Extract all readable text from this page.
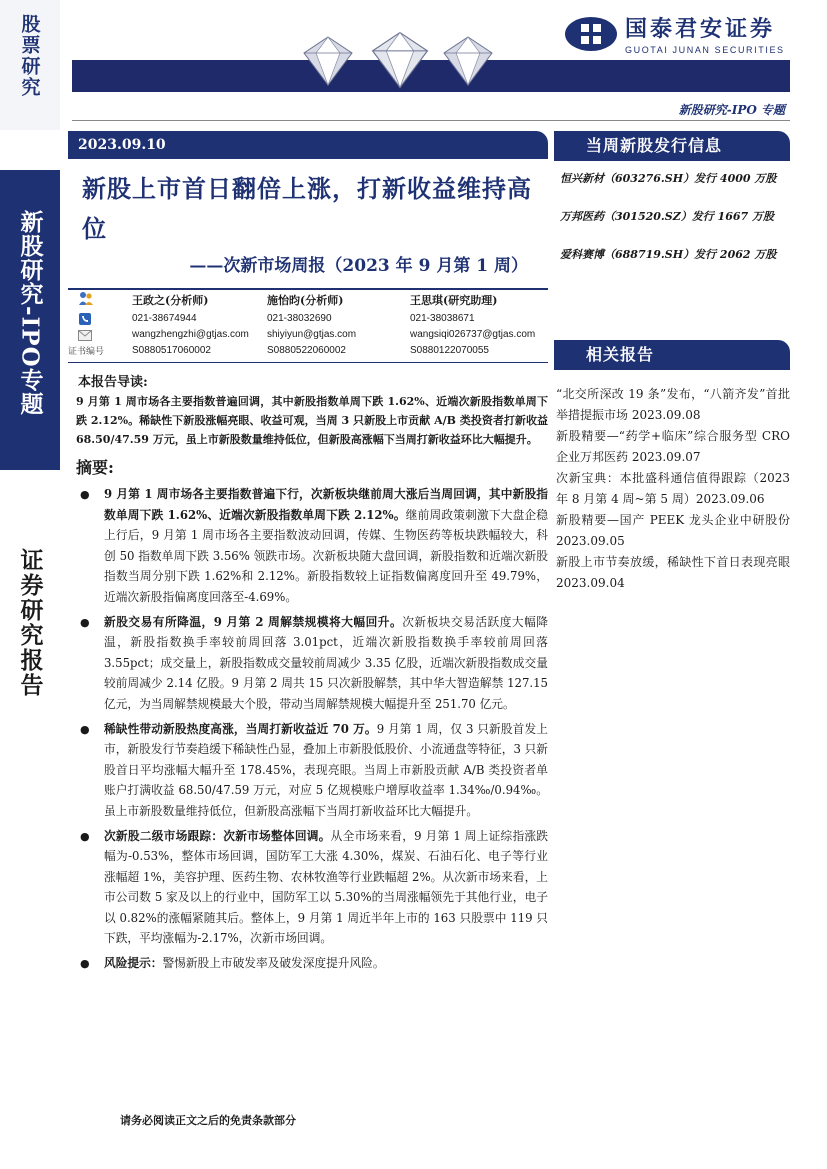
股票研究
新股研究-IPO专题
证券研究报告
国泰君安证券
GUOTAI JUNAN SECURITIES
新股研究-IPO 专题
2023.09.10
新股上市首日翻倍上涨，打新收益维持高
位
——次新市场周报（2023 年 9 月第 1 周）
王政之(分析师)	施怡昀(分析师)	王思琪(研究助理)
021-38674944	021-38032690	021-38038671
wangzhengzhi@gtjas.com	shiyiyun@gtjas.com	wangsiqi026737@gtjas.com
证书编号	S0880517060002	S0880522060002	S0880122070055
本报告导读:
9 月第 1 周市场各主要指数普遍回调，其中新股指数单周下跌 1.62%、近端次新股指数单周下跌 2.12%。稀缺性下新股涨幅亮眼、收益可观，当周 3 只新股上市贡献 A/B 类投资者打新收益 68.50/47.59 万元，虽上市新股数量维持低位，但新股高涨幅下当周打新收益环比大幅提升。
摘要:
● 9 月第 1 周市场各主要指数普遍下行，次新板块继前周大涨后当周回调，其中新股指数单周下跌 1.62%、近端次新股指数单周下跌 2.12%。继前周政策刺激下大盘企稳上行后，9 月第 1 周市场各主要指数波动回调，传媒、生物医药等板块跌幅较大，科创 50 指数单周下跌 3.56% 领跌市场。次新板块随大盘回调，新股指数和近端次新股指数当周分别下跌 1.62%和 2.12%。新股指数较上证指数偏离度回升至 49.79%，近端次新股指偏离度回落至-4.69%。
● 新股交易有所降温，9 月第 2 周解禁规模将大幅回升。次新板块交易活跃度大幅降温，新股指数换手率较前周回落 3.01pct，近端次新股指数换手率较前周回落 3.55pct；成交量上，新股指数成交量较前周减少 3.35 亿股，近端次新股指数成交量较前周减少 2.14 亿股。9 月第 2 周共 15 只次新股解禁，其中华大智造解禁 127.15 亿元，为当周解禁规模最大个股，带动当周解禁规模大幅提升至 251.70 亿元。
● 稀缺性带动新股热度高涨，当周打新收益近 70 万。9 月第 1 周，仅 3 只新股首发上市，新股发行节奏趋缓下稀缺性凸显，叠加上市新股低股价、小流通盘等特征，3 只新股首日平均涨幅大幅升至 178.45%，表现亮眼。当周上市新股贡献 A/B 类投资者单账户打满收益 68.50/47.59 万元，对应 5 亿规模账户增厚收益率 1.34‰/0.94‰。虽上市新股数量维持低位，但新股高涨幅下当周打新收益环比大幅提升。
● 次新股二级市场跟踪：次新市场整体回调。从全市场来看，9 月第 1 周上证综指涨跌幅为-0.53%，整体市场回调，国防军工大涨 4.30%，煤炭、石油石化、电子等行业涨幅超 1%，美容护理、医药生物、农林牧渔等行业跌幅超 2%。从次新市场来看，上市公司数 5 家及以上的行业中，国防军工以 5.30%的当周涨幅领先于其他行业，电子以 0.82%的涨幅紧随其后。整体上，9 月第 1 周近半年上市的 163 只股票中 119 只下跌，平均涨幅为-2.17%，次新市场回调。
● 风险提示：警惕新股上市破发率及破发深度提升风险。
当周新股发行信息
恒兴新材（603276.SH）发行 4000 万股
万邦医药（301520.SZ）发行 1667 万股
爱科赛博（688719.SH）发行 2062 万股
相关报告
“北交所深改 19 条”发布，“八箭齐发”首批举措提振市场 2023.09.08
新股精要—“药学+临床”综合服务型 CRO 企业万邦医药 2023.09.07
次新宝典：本批盛科通信值得跟踪（2023 年 8 月第 4 周~第 5 周）2023.09.06
新股精要—国产 PEEK 龙头企业中研股份 2023.09.05
新股上市节奏放缓，稀缺性下首日表现亮眼 2023.09.04
请务必阅读正文之后的免责条款部分
